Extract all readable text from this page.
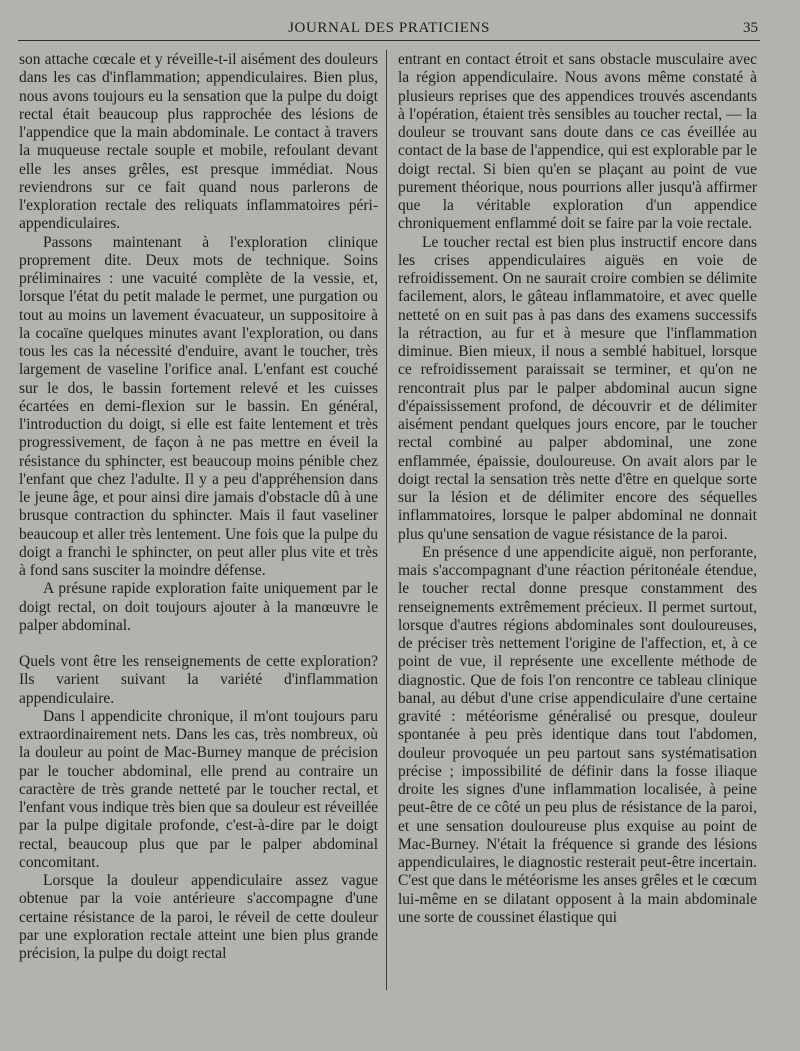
JOURNAL DES PRATICIENS	35

son attache cœcale et y réveille-t-il aisément des douleurs dans les cas d'inflammation; appendiculaires. Bien plus, nous avons toujours eu la sensation que la pulpe du doigt rectal était beaucoup plus rapprochée des lésions de l'appendice que la main abdominale. Le contact à travers la muqueuse rectale souple et mobile, refoulant devant elle les anses grêles, est presque immédiat. Nous reviendrons sur ce fait quand nous parlerons de l'exploration rectale des reliquats inflammatoires péri-appendiculaires.

Passons maintenant à l'exploration clinique proprement dite. Deux mots de technique. Soins préliminaires : une vacuité complète de la vessie, et, lorsque l'état du petit malade le permet, une purgation ou tout au moins un lavement évacuateur, un suppositoire à la cocaïne quelques minutes avant l'exploration, ou dans tous les cas la nécessité d'enduire, avant le toucher, très largement de vaseline l'orifice anal. L'enfant est couché sur le dos, le bassin fortement relevé et les cuisses écartées en demi-flexion sur le bassin. En général, l'introduction du doigt, si elle est faite lentement et très progressivement, de façon à ne pas mettre en éveil la résistance du sphincter, est beaucoup moins pénible chez l'enfant que chez l'adulte. Il y a peu d'appréhension dans le jeune âge, et pour ainsi dire jamais d'obstacle dû à une brusque contraction du sphincter. Mais il faut vaseliner beaucoup et aller très lentement. Une fois que la pulpe du doigt a franchi le sphincter, on peut aller plus vite et très à fond sans susciter la moindre défense.

A présune rapide exploration faite uniquement par le doigt rectal, on doit toujours ajouter à la manœuvre le palper abdominal.

Quels vont être les renseignements de cette exploration? Ils varient suivant la variété d'inflammation appendiculaire.

Dans l appendicite chronique, il m'ont toujours paru extraordinairement nets. Dans les cas, très nombreux, où la douleur au point de Mac-Burney manque de précision par le toucher abdominal, elle prend au contraire un caractère de très grande netteté par le toucher rectal, et l'enfant vous indique très bien que sa douleur est réveillée par la pulpe digitale profonde, c'est-à-dire par le doigt rectal, beaucoup plus que par le palper abdominal concomitant.

Lorsque la douleur appendiculaire assez vague obtenue par la voie antérieure s'accompagne d'une certaine résistance de la paroi, le réveil de cette douleur par une exploration rectale atteint une bien plus grande précision, la pulpe du doigt rectal

entrant en contact étroit et sans obstacle musculaire avec la région appendiculaire. Nous avons même constaté à plusieurs reprises que des appendices trouvés ascendants à l'opération, étaient très sensibles au toucher rectal, — la douleur se trouvant sans doute dans ce cas éveillée au contact de la base de l'appendice, qui est explorable par le doigt rectal. Si bien qu'en se plaçant au point de vue purement théorique, nous pourrions aller jusqu'à affirmer que la véritable exploration d'un appendice chroniquement enflammé doit se faire par la voie rectale.

Le toucher rectal est bien plus instructif encore dans les crises appendiculaires aiguës en voie de refroidissement. On ne saurait croire combien se délimite facilement, alors, le gâteau inflammatoire, et avec quelle netteté on en suit pas à pas dans des examens successifs la rétraction, au fur et à mesure que l'inflammation diminue. Bien mieux, il nous a semblé habituel, lorsque ce refroidissement paraissait se terminer, et qu'on ne rencontrait plus par le palper abdominal aucun signe d'épaississement profond, de découvrir et de délimiter aisément pendant quelques jours encore, par le toucher rectal combiné au palper abdominal, une zone enflammée, épaissie, douloureuse. On avait alors par le doigt rectal la sensation très nette d'être en quelque sorte sur la lésion et de délimiter encore des séquelles inflammatoires, lorsque le palper abdominal ne donnait plus qu'une sensation de vague résistance de la paroi.

En présence d une appendicite aiguë, non perforante, mais s'accompagnant d'une réaction péritonéale étendue, le toucher rectal donne presque constamment des renseignements extrêmement précieux. Il permet surtout, lorsque d'autres régions abdominales sont douloureuses, de préciser très nettement l'origine de l'affection, et, à ce point de vue, il représente une excellente méthode de diagnostic. Que de fois l'on rencontre ce tableau clinique banal, au début d'une crise appendiculaire d'une certaine gravité : météorisme généralisé ou presque, douleur spontanée à peu près identique dans tout l'abdomen, douleur provoquée un peu partout sans systématisation précise ; impossibilité de définir dans la fosse iliaque droite les signes d'une inflammation localisée, à peine peut-être de ce côté un peu plus de résistance de la paroi, et une sensation douloureuse plus exquise au point de Mac-Burney. N'était la fréquence si grande des lésions appendiculaires, le diagnostic resterait peut-être incertain. C'est que dans le météorisme les anses grêles et le cœcum lui-même en se dilatant opposent à la main abdominale une sorte de coussinet élastique qui
